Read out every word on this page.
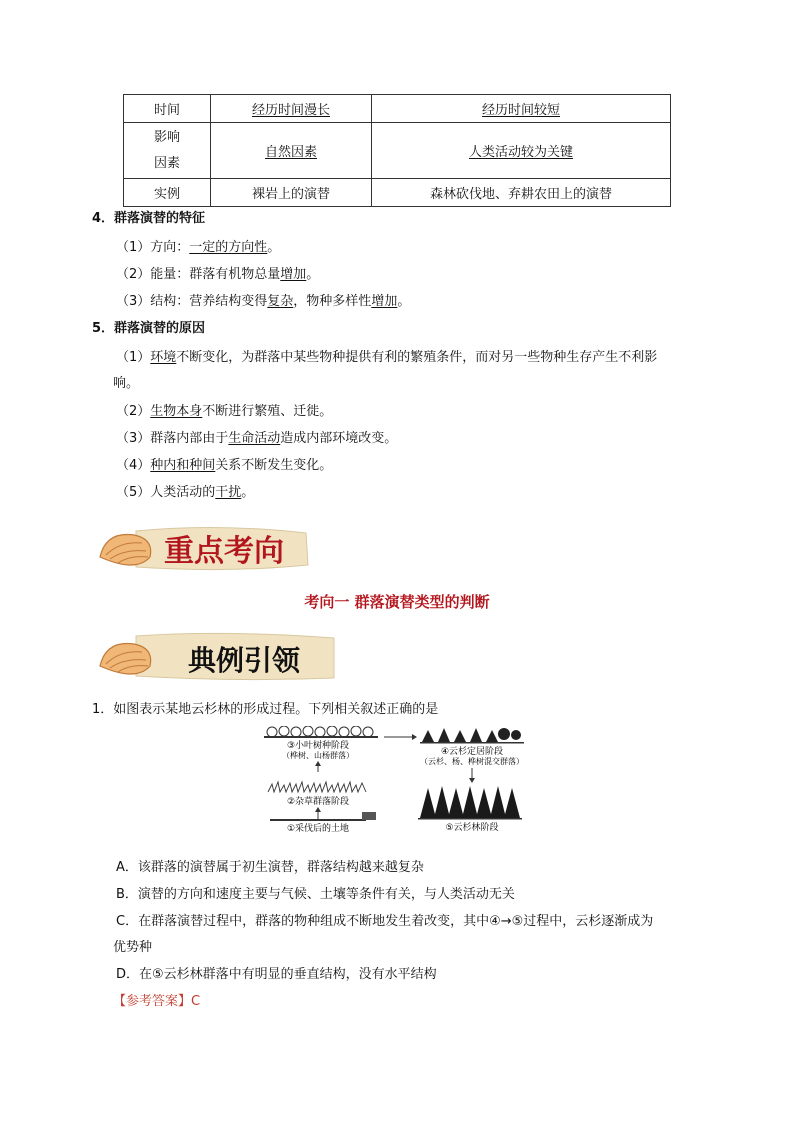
时间	经历时间漫长	经历时间较短
影响
因素	自然因素	人类活动较为关键
实例	裸岩上的演替	森林砍伐地、弃耕农田上的演替
4．群落演替的特征
（1）方向：一定的方向性。
（2）能量：群落有机物总量增加。
（3）结构：营养结构变得复杂，物种多样性增加。
5．群落演替的原因
（1）环境不断变化，为群落中某些物种提供有利的繁殖条件，而对另一些物种生存产生不利影
响。
（2）生物本身不断进行繁殖、迁徙。
（3）群落内部由于生命活动造成内部环境改变。
（4）种内和种间关系不断发生变化。
（5）人类活动的干扰。
重点考向
考向一 群落演替类型的判断
典例引领
1．如图表示某地云杉林的形成过程。下列相关叙述正确的是
③小叶树种阶段
（桦树、山杨群落）
②杂草群落阶段
①采伐后的土地
④云杉定居阶段
（云杉、杨、桦树混交群落）
⑤云杉林阶段
A．该群落的演替属于初生演替，群落结构越来越复杂
B．演替的方向和速度主要与气候、土壤等条件有关，与人类活动无关
C．在群落演替过程中，群落的物种组成不断地发生着改变，其中④→⑤过程中，云杉逐渐成为
优势种
D．在⑤云杉林群落中有明显的垂直结构，没有水平结构
【参考答案】C
